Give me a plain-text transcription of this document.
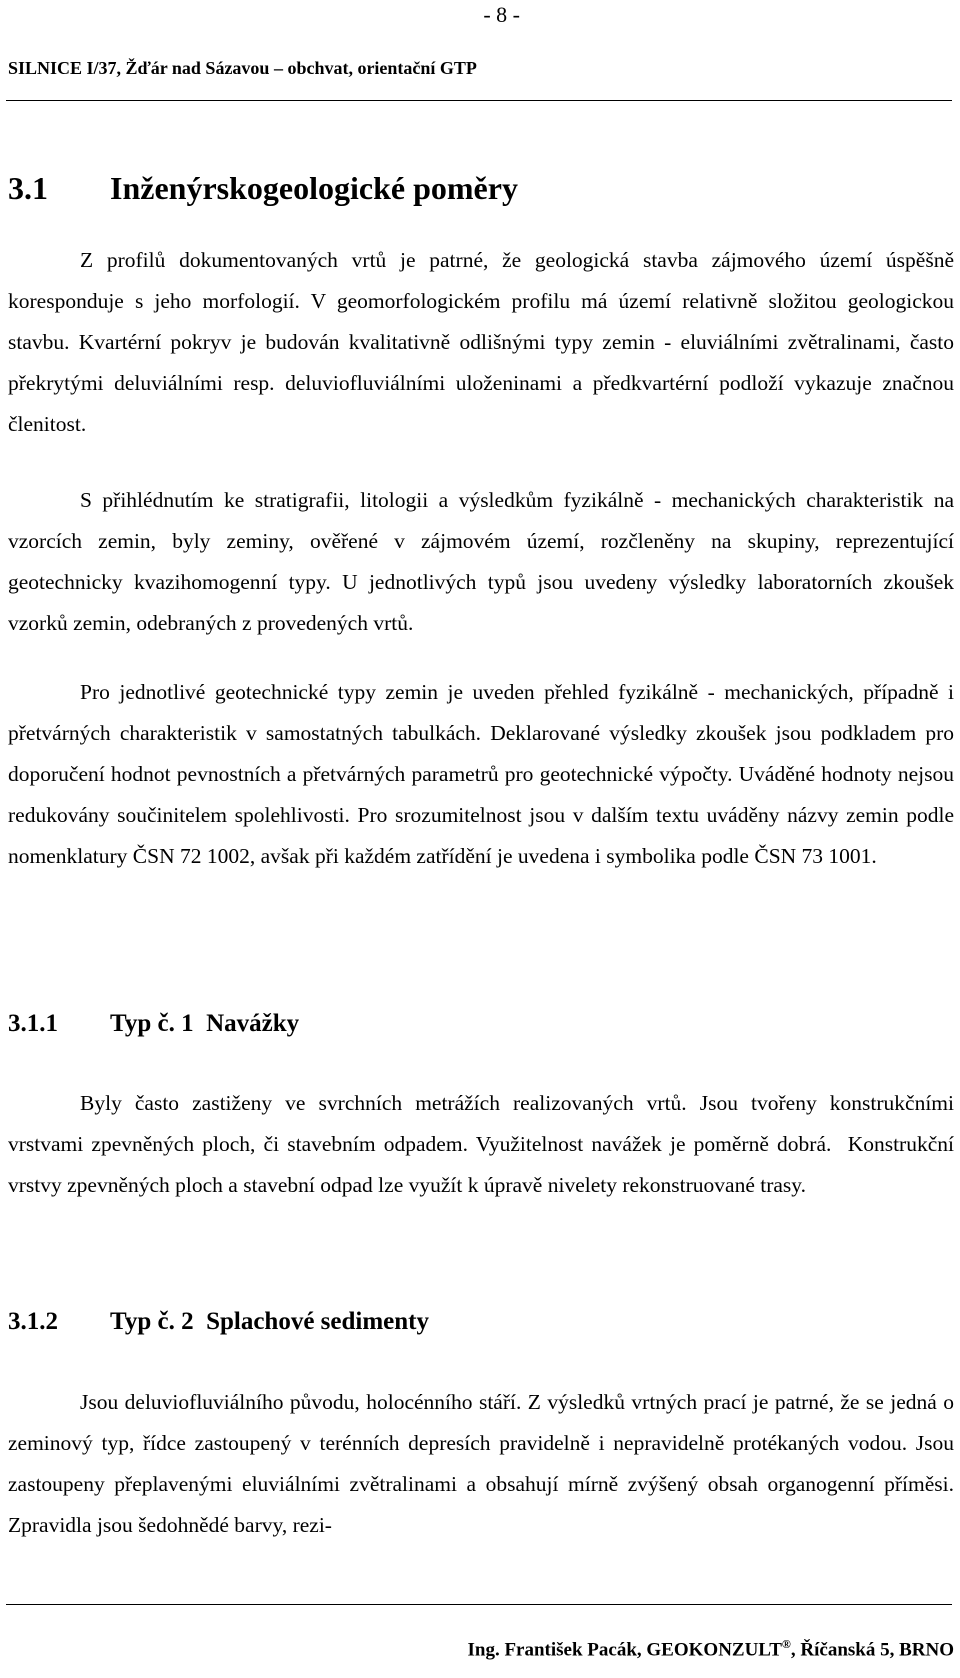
- 8 -
SILNICE I/37, Žďár nad Sázavou – obchvat, orientační GTP
3.1 Inženýrskogeologické poměry

Z profilů dokumentovaných vrtů je patrné, že geologická stavba zájmového území úspěšně koresponduje s jeho morfologií. V geomorfologickém profilu má území relativně složitou geologickou stavbu. Kvartérní pokryv je budován kvalitativně odlišnými typy zemin - eluviálními zvětralinami, často překrytými deluviálními resp. deluviofluviálními uloženinami a předkvartérní podloží vykazuje značnou členitost.

S přihlédnutím ke stratigrafii, litologii a výsledkům fyzikálně - mechanických charakteristik na vzorcích zemin, byly zeminy, ověřené v zájmovém území, rozčleněny na skupiny, reprezentující geotechnicky kvazihomogenní typy. U jednotlivých typů jsou uvedeny výsledky laboratorních zkoušek vzorků zemin, odebraných z provedených vrtů.

Pro jednotlivé geotechnické typy zemin je uveden přehled fyzikálně - mechanických, případně i přetvárných charakteristik v samostatných tabulkách. Deklarované výsledky zkoušek jsou podkladem pro doporučení hodnot pevnostních a přetvárných parametrů pro geotechnické výpočty. Uváděné hodnoty nejsou redukovány součinitelem spolehlivosti. Pro srozumitelnost jsou v dalším textu uváděny názvy zemin podle nomenklatury ČSN 72 1002, avšak při každém zatřídění je uvedena i symbolika podle ČSN 73 1001.

3.1.1 Typ č. 1  Navážky

Byly často zastiženy ve svrchních metrážích realizovaných vrtů. Jsou tvořeny konstrukčními vrstvami zpevněných ploch, či stavebním odpadem. Využitelnost navážek je poměrně dobrá.  Konstrukční vrstvy zpevněných ploch a stavební odpad lze využít k úpravě nivelety rekonstruované trasy.

3.1.2 Typ č. 2  Splachové sedimenty

Jsou deluviofluviálního původu, holocénního stáří. Z výsledků vrtných prací je patrné, že se jedná o zeminový typ, řídce zastoupený v terénních depresích pravidelně i nepravidelně protékaných vodou. Jsou zastoupeny přeplavenými eluviálními zvětralinami a obsahují mírně zvýšený obsah organogenní příměsi. Zpravidla jsou šedohnědé barvy, rezi-

Ing. František Pacák, GEOKONZULT®, Říčanská 5, BRNO
